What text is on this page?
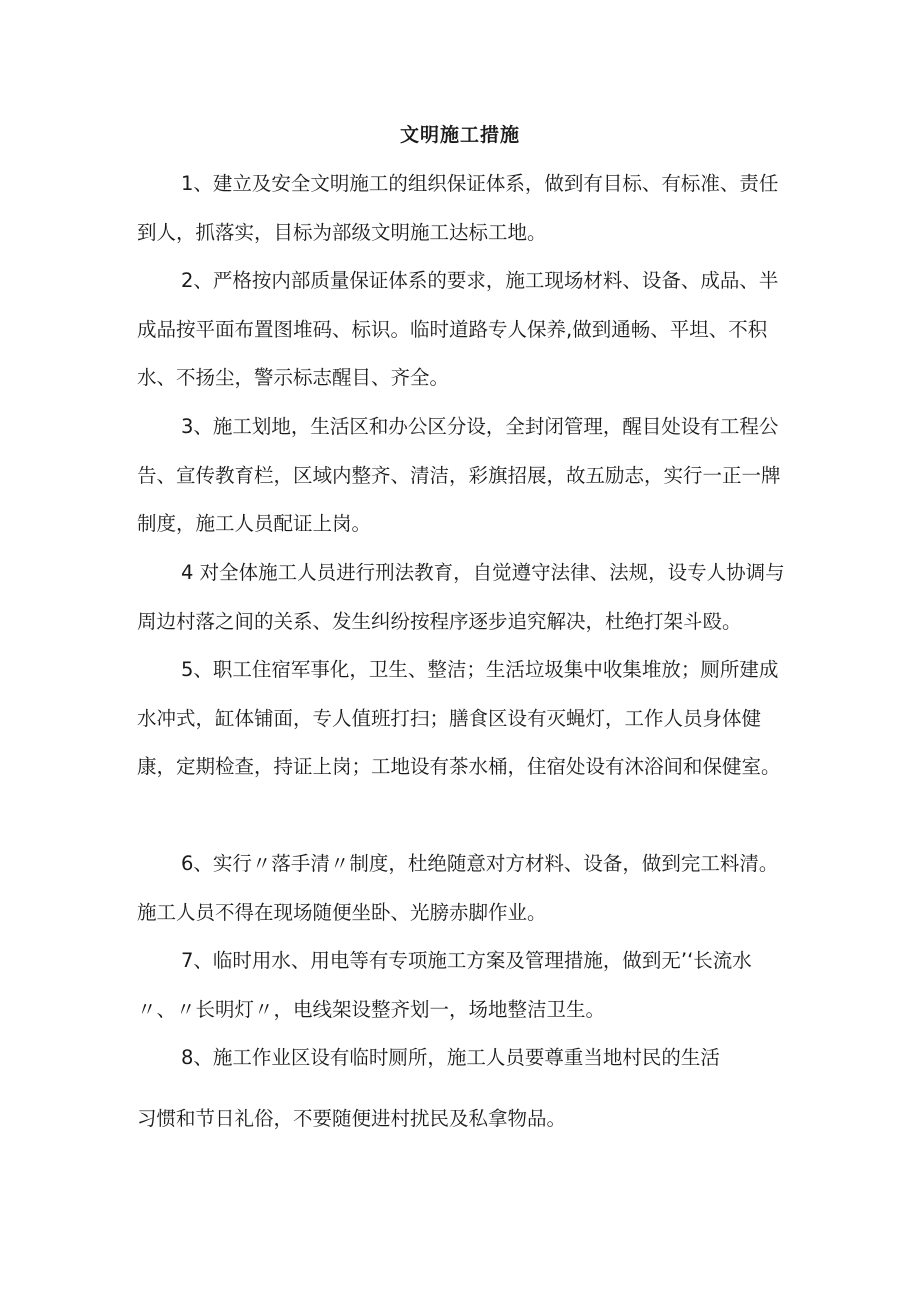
文明施工措施

1、建立及安全文明施工的组织保证体系，做到有目标、有标准、责任到人，抓落实，目标为部级文明施工达标工地。

2、严格按内部质量保证体系的要求，施工现场材料、设备、成品、半成品按平面布置图堆码、标识。临时道路专人保养,做到通畅、平坦、不积水、不扬尘，警示标志醒目、齐全。

3、施工划地，生活区和办公区分设，全封闭管理，醒目处设有工程公告、宣传教育栏，区域内整齐、清洁，彩旗招展，故五励志，实行一正一牌制度，施工人员配证上岗。

4 对全体施工人员进行刑法教育，自觉遵守法律、法规，设专人协调与周边村落之间的关系、发生纠纷按程序逐步追究解决，杜绝打架斗殴。

5、职工住宿军事化，卫生、整洁；生活垃圾集中收集堆放；厕所建成水冲式，缸体铺面，专人值班打扫；膳食区设有灭蝇灯，工作人员身体健康，定期检查，持证上岗；工地设有茶水桶，住宿处设有沐浴间和保健室。

6、实行〃落手清〃制度，杜绝随意对方材料、设备，做到完工料清。施工人员不得在现场随便坐卧、光膀赤脚作业。

7、临时用水、用电等有专项施工方案及管理措施，做到无’‘长流水〃、〃长明灯〃，电线架设整齐划一，场地整洁卫生。

8、施工作业区设有临时厕所，施工人员要尊重当地村民的生活

习惯和节日礼俗，不要随便进村扰民及私拿物品。
